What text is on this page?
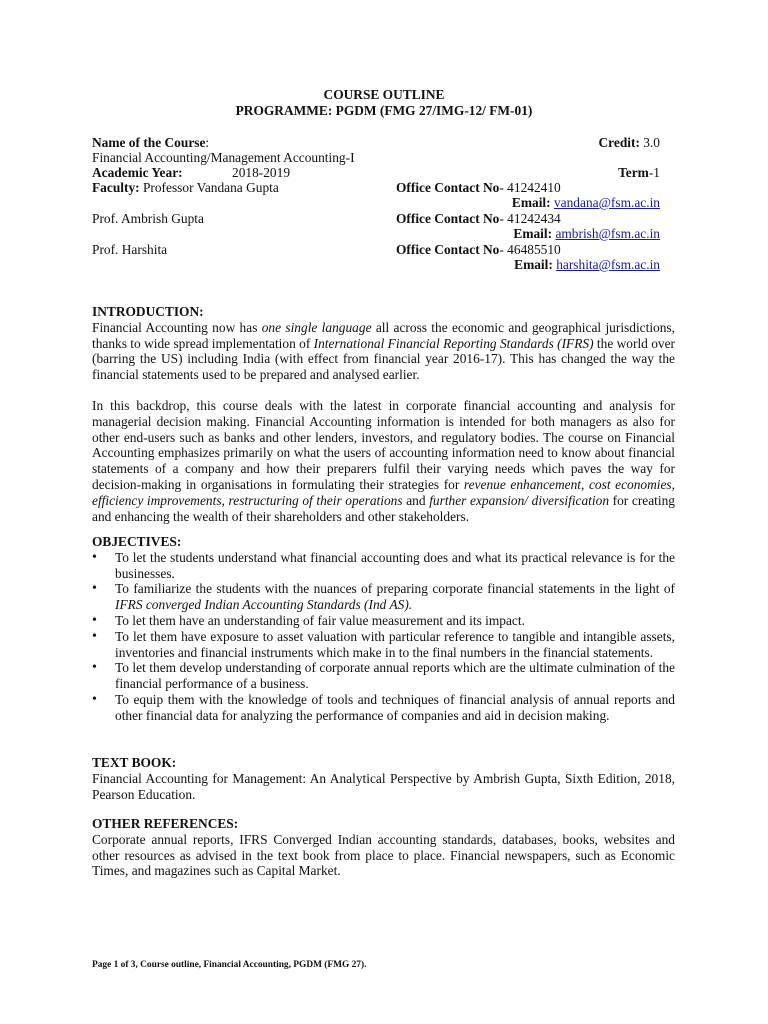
COURSE OUTLINE
PROGRAMME: PGDM (FMG 27/IMG-12/ FM-01)
Name of the Course:	Credit: 3.0
Financial Accounting/Management Accounting-I
Academic Year:	2018-2019	Term-1
Faculty: Professor Vandana Gupta	Office Contact No- 41242410
Email: vandana@fsm.ac.in
Prof. Ambrish Gupta	Office Contact No- 41242434
Email: ambrish@fsm.ac.in
Prof. Harshita	Office Contact No- 46485510
Email: harshita@fsm.ac.in

INTRODUCTION:

Financial Accounting now has one single language all across the economic and geographical jurisdictions, thanks to wide spread implementation of International Financial Reporting Standards (IFRS) the world over (barring the US) including India (with effect from financial year 2016-17). This has changed the way the financial statements used to be prepared and analysed earlier.

In this backdrop, this course deals with the latest in corporate financial accounting and analysis for managerial decision making. Financial Accounting information is intended for both managers as also for other end-users such as banks and other lenders, investors, and regulatory bodies. The course on Financial Accounting emphasizes primarily on what the users of accounting information need to know about financial statements of a company and how their preparers fulfil their varying needs which paves the way for decision-making in organisations in formulating their strategies for revenue enhancement, cost economies, efficiency improvements, restructuring of their operations and further expansion/ diversification for creating and enhancing the wealth of their shareholders and other stakeholders.

OBJECTIVES:

• To let the students understand what financial accounting does and what its practical relevance is for the businesses.
• To familiarize the students with the nuances of preparing corporate financial statements in the light of IFRS converged Indian Accounting Standards (Ind AS).
• To let them have an understanding of fair value measurement and its impact.
• To let them have exposure to asset valuation with particular reference to tangible and intangible assets, inventories and financial instruments which make in to the final numbers in the financial statements.
• To let them develop understanding of corporate annual reports which are the ultimate culmination of the financial performance of a business.
• To equip them with the knowledge of tools and techniques of financial analysis of annual reports and other financial data for analyzing the performance of companies and aid in decision making.

TEXT BOOK:

Financial Accounting for Management: An Analytical Perspective by Ambrish Gupta, Sixth Edition, 2018, Pearson Education.

OTHER REFERENCES:

Corporate annual reports, IFRS Converged Indian accounting standards, databases, books, websites and other resources as advised in the text book from place to place. Financial newspapers, such as Economic Times, and magazines such as Capital Market.

Page 1 of 3, Course outline, Financial Accounting, PGDM (FMG 27).
